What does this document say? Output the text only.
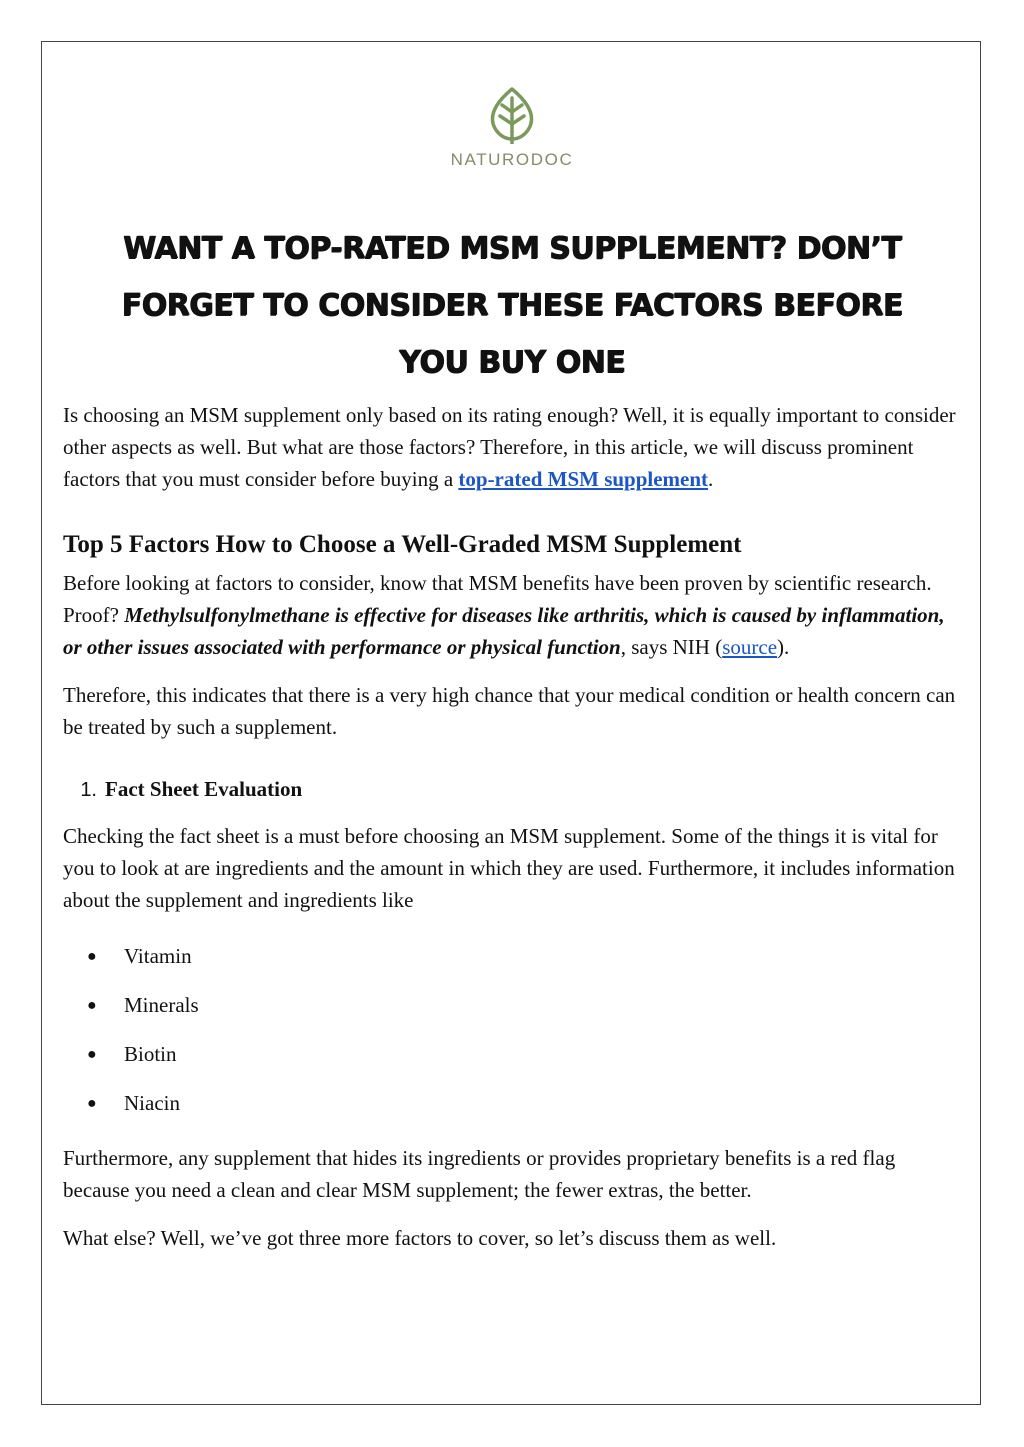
NATURODOC
WANT A TOP-RATED MSM SUPPLEMENT? DON’T FORGET TO CONSIDER THESE FACTORS BEFORE YOU BUY ONE

Is choosing an MSM supplement only based on its rating enough? Well, it is equally important to consider other aspects as well. But what are those factors? Therefore, in this article, we will discuss prominent factors that you must consider before buying a top-rated MSM supplement.

Top 5 Factors How to Choose a Well-Graded MSM Supplement

Before looking at factors to consider, know that MSM benefits have been proven by scientific research. Proof? Methylsulfonylmethane is effective for diseases like arthritis, which is caused by inflammation, or other issues associated with performance or physical function, says NIH (source).

Therefore, this indicates that there is a very high chance that your medical condition or health concern can be treated by such a supplement.

1. Fact Sheet Evaluation

Checking the fact sheet is a must before choosing an MSM supplement. Some of the things it is vital for you to look at are ingredients and the amount in which they are used. Furthermore, it includes information about the supplement and ingredients like

● Vitamin
● Minerals
● Biotin
● Niacin

Furthermore, any supplement that hides its ingredients or provides proprietary benefits is a red flag because you need a clean and clear MSM supplement; the fewer extras, the better.

What else? Well, we’ve got three more factors to cover, so let’s discuss them as well.
